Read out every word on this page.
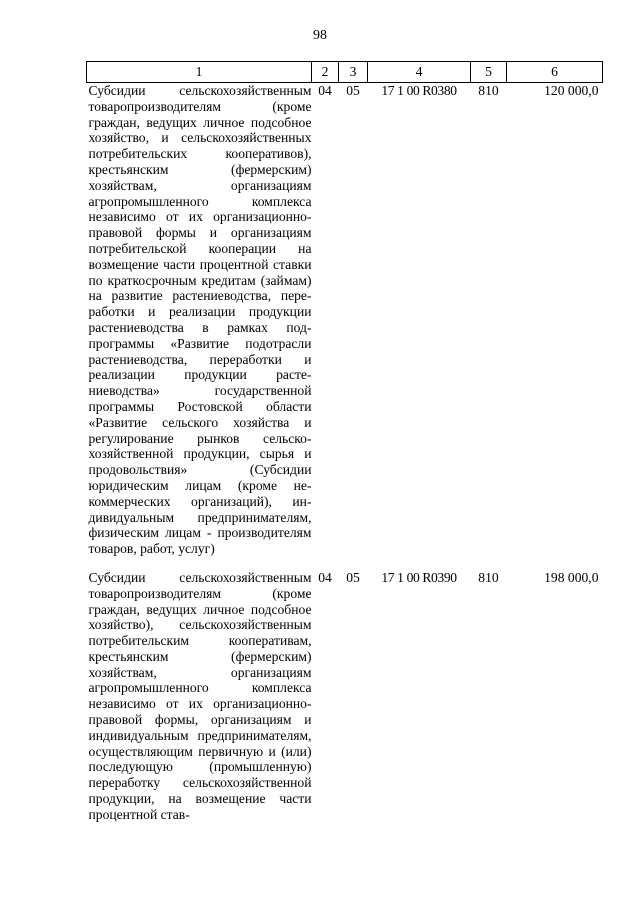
98
1	2	3	4	5	6
Субсидии сельскохозяйственным товаропроизводителям (кроме граждан, ведущих личное подсобное хозяйство, и сельскохозяйственных потребительских кооперативов), крестьянским (фермерским) хозяйствам, организациям агропромышленного комплекса независимо от их организационно-правовой формы и организациям потребительской кооперации на возмещение части процентной ставки по краткосрочным кредитам (займам) на развитие растениеводства, переработки и реализации продукции растениеводства в рамках подпрограммы «Развитие подотрасли растениеводства, переработки и реализации продукции растениеводства» государственной программы Ростовской области «Развитие сельского хозяйства и регулирование рынков сельскохозяйственной продукции, сырья и продовольствия» (Субсидии юридическим лицам (кроме некоммерческих организаций), индивидуальным предпринимателям, физическим лицам - производителям товаров, работ, услуг)	04	05	17 1 00 R0380	810	120 000,0

Субсидии сельскохозяйственным товаропроизводителям (кроме граждан, ведущих личное подсобное хозяйство), сельскохозяйственным потребительским кооперативам, крестьянским (фермерским) хозяйствам, организациям агропромышленного комплекса независимо от их организационно-правовой формы, организациям и индивидуальным предпринимателям, осуществляющим первичную и (или) последующую (промышленную) переработку сельскохозяйственной продукции, на возмещение части процентной став-	04	05	17 1 00 R0390	810	198 000,0
